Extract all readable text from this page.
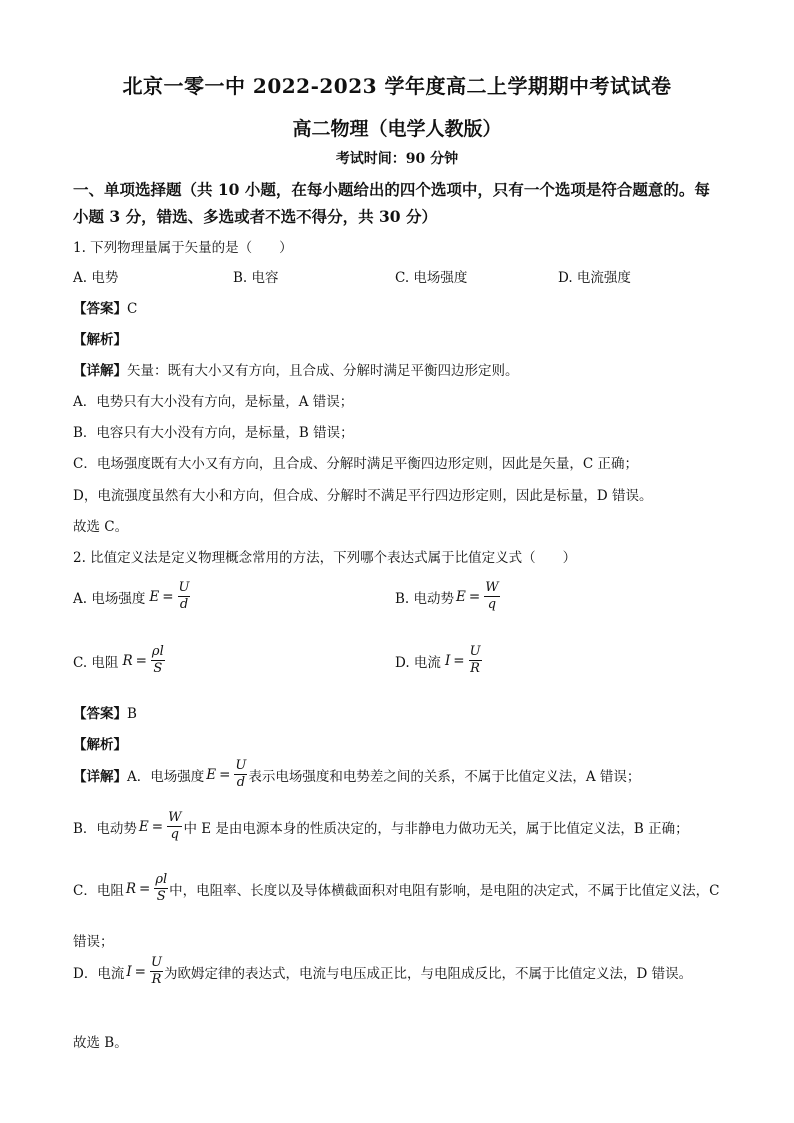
北京一零一中 2022-2023 学年度高二上学期期中考试试卷
高二物理（电学人教版）
考试时间：90 分钟
一、单项选择题（共 10 小题，在每小题给出的四个选项中，只有一个选项是符合题意的。每
小题 3 分，错选、多选或者不选不得分，共 30 分）
1. 下列物理量属于矢量的是（　　）
A. 电势	B. 电容	C. 电场强度	D. 电流强度
【答案】C
【解析】
【详解】矢量：既有大小又有方向，且合成、分解时满足平衡四边形定则。
A．电势只有大小没有方向，是标量，A 错误；
B．电容只有大小没有方向，是标量，B 错误；
C．电场强度既有大小又有方向，且合成、分解时满足平衡四边形定则，因此是矢量，C 正确；
D，电流强度虽然有大小和方向，但合成、分解时不满足平行四边形定则，因此是标量，D 错误。
故选 C。
2. 比值定义法是定义物理概念常用的方法，下列哪个表达式属于比值定义式（　　）
A. 电场强度 $E = \frac{U}{d}$	B. 电动势 $E = \frac{W}{q}$
C. 电阻 $R = \frac{\rho l}{S}$	D. 电流 $I = \frac{U}{R}$
【答案】B
【解析】
【详解】 A．电场强度 $E = \frac{U}{d}$ 表示电场强度和电势差之间的关系，不属于比值定义法，A 错误；
B．电动势 $E = \frac{W}{q}$ 中 E 是由电源本身的性质决定的，与非静电力做功无关，属于比值定义法，B 正确；
C．电阻 $R = \frac{\rho l}{S}$ 中，电阻率、长度以及导体横截面积对电阻有影响，是电阻的决定式，不属于比值定义法，C
错误；
D．电流 $I = \frac{U}{R}$ 为欧姆定律的表达式，电流与电压成正比，与电阻成反比，不属于比值定义法，D 错误。
故选 B。
